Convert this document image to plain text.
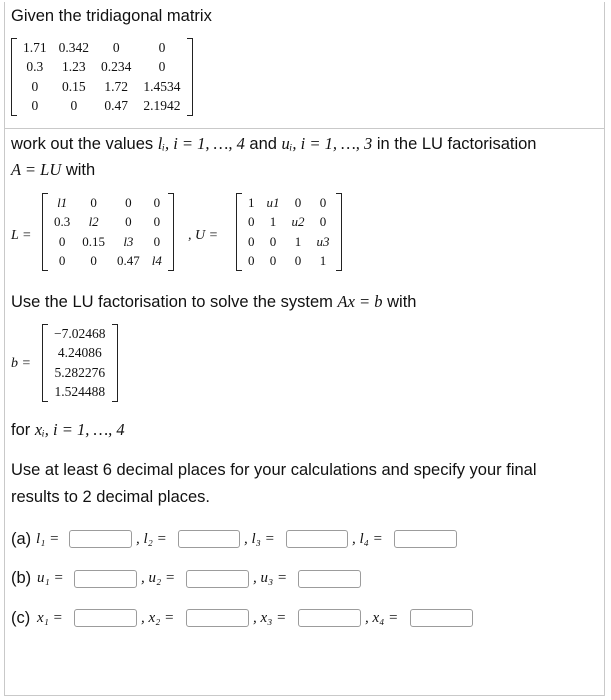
Given the tridiagonal matrix
1.71	0.342	0	0
0.3	1.23	0.234	0
0	0.15	1.72	1.4534
0	0	0.47	2.1942
work out the values lᵢ, i = 1, …, 4 and uᵢ, i = 1, …, 3 in the LU factorisation
A = LU with
L =
l1	0	0	0
0.3	l2	0	0
0	0.15	l3	0
0	0	0.47	l4
, U =
1	u1	0	0
0	1	u2	0
0	0	1	u3
0	0	0	1
Use the LU factorisation to solve the system Ax = b with
b =
−7.02468
4.24086
5.282276
1.524488
for xᵢ, i = 1, …, 4
Use at least 6 decimal places for your calculations and specify your final
results to 2 decimal places.
(a) l₁ =	, l₂ =	, l₃ =	, l₄ =
(b) u₁ =	, u₂ =	, u₃ =
(c) x₁ =	, x₂ =	, x₃ =	, x₄ =
